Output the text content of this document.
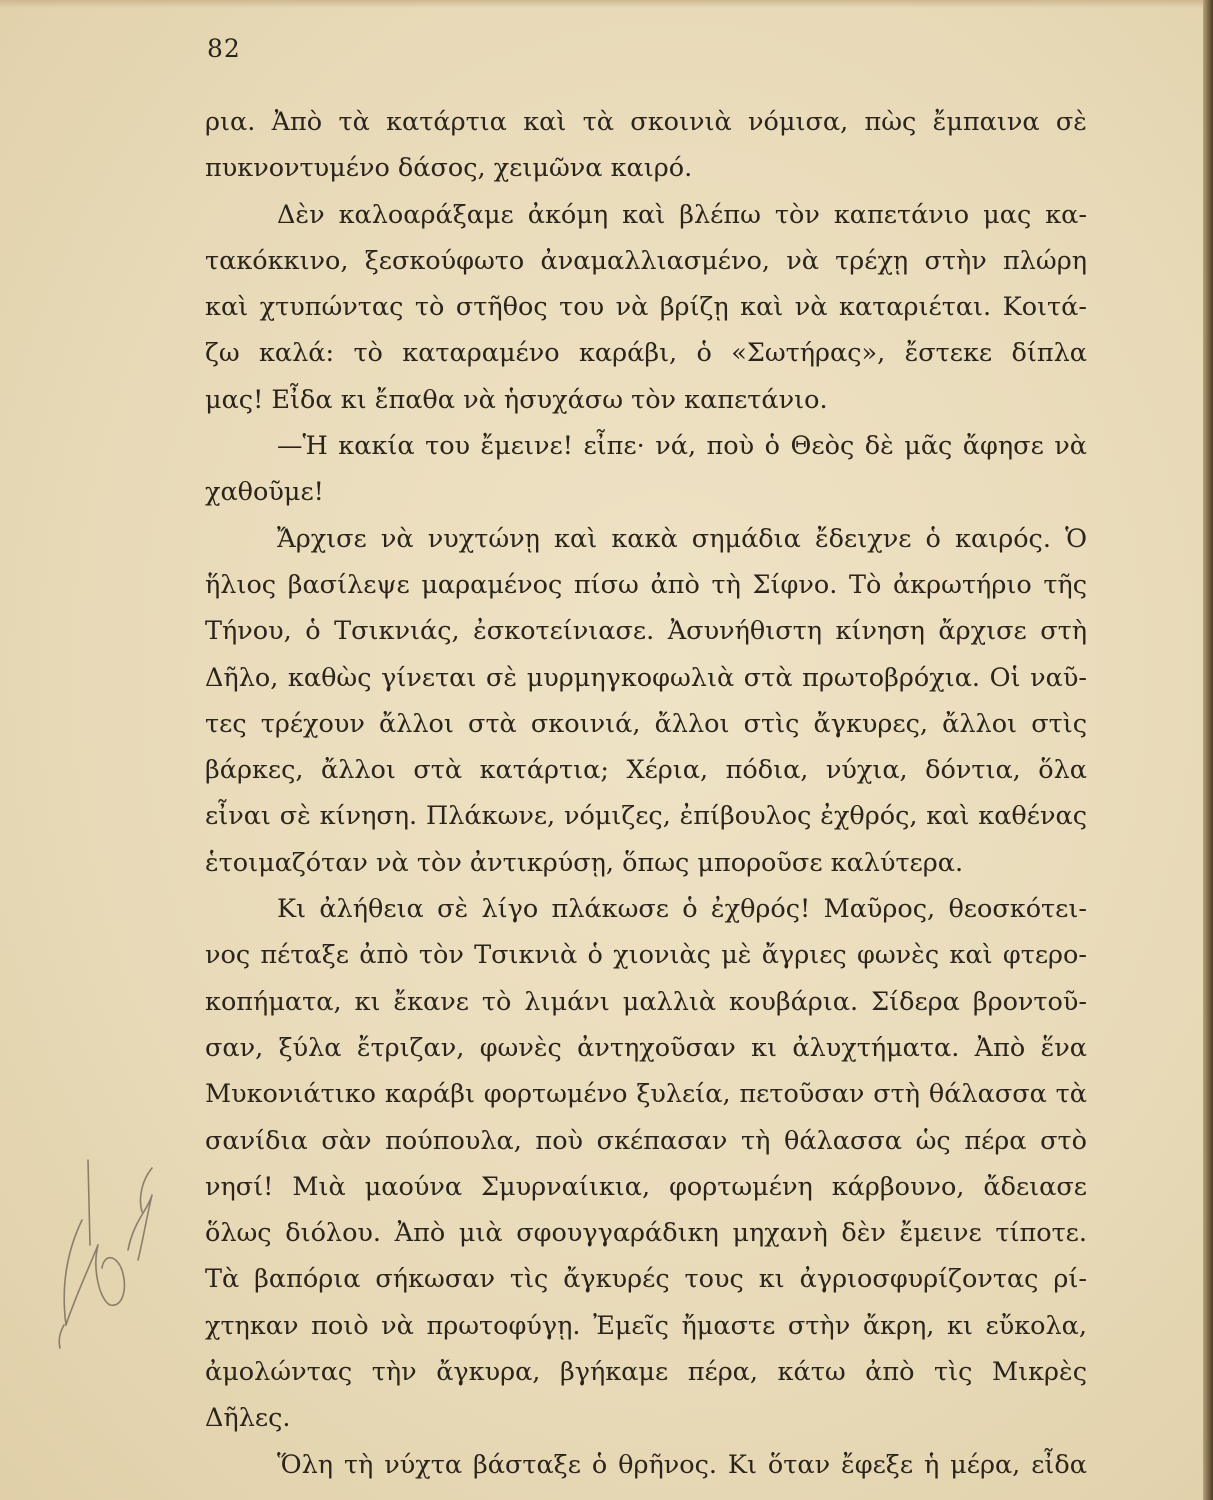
82
ρια. Ἀπὸ τὰ κατάρτια καὶ τὰ σκοινιὰ νόμισα, πὼς ἔμπαινα σὲ
πυκνοντυμένο δάσος, χειμῶνα καιρό.
Δὲν καλοαράξαμε ἀκόμη καὶ βλέπω τὸν καπετάνιο μας κα-
τακόκκινο, ξεσκούφωτο ἀναμαλλιασμένο, νὰ τρέχῃ στὴν πλώρη
καὶ χτυπώντας τὸ στῆθος του νὰ βρίζῃ καὶ νὰ καταριέται. Κοιτά-
ζω καλά: τὸ καταραμένο καράβι, ὁ «Σωτήρας», ἔστεκε δίπλα
μας! Εἶδα κι ἔπαθα νὰ ἡσυχάσω τὸν καπετάνιο.
—Ἡ κακία του ἔμεινε! εἶπε· νά, ποὺ ὁ Θεὸς δὲ μᾶς ἄφησε νὰ
χαθοῦμε!
Ἄρχισε νὰ νυχτώνῃ καὶ κακὰ σημάδια ἔδειχνε ὁ καιρός. Ὁ
ἥλιος βασίλεψε μαραμένος πίσω ἀπὸ τὴ Σίφνο. Τὸ ἀκρωτήριο τῆς
Τήνου, ὁ Τσικνιάς, ἐσκοτείνιασε. Ἀσυνήθιστη κίνηση ἄρχισε στὴ
Δῆλο, καθὼς γίνεται σὲ μυρμηγκοφωλιὰ στὰ πρωτοβρόχια. Οἱ ναῦ-
τες τρέχουν ἄλλοι στὰ σκοινιά, ἄλλοι στὶς ἄγκυρες, ἄλλοι στὶς
βάρκες, ἄλλοι στὰ κατάρτια; Χέρια, πόδια, νύχια, δόντια, ὅλα
εἶναι σὲ κίνηση. Πλάκωνε, νόμιζες, ἐπίβουλος ἐχθρός, καὶ καθένας
ἑτοιμαζόταν νὰ τὸν ἀντικρύσῃ, ὅπως μποροῦσε καλύτερα.
Κι ἀλήθεια σὲ λίγο πλάκωσε ὁ ἐχθρός! Μαῦρος, θεοσκότει-
νος πέταξε ἀπὸ τὸν Τσικνιὰ ὁ χιονιὰς μὲ ἄγριες φωνὲς καὶ φτερο-
κοπήματα, κι ἔκανε τὸ λιμάνι μαλλιὰ κουβάρια. Σίδερα βροντοῦ-
σαν, ξύλα ἔτριζαν, φωνὲς ἀντηχοῦσαν κι ἀλυχτήματα. Ἀπὸ ἕνα
Μυκονιάτικο καράβι φορτωμένο ξυλεία, πετοῦσαν στὴ θάλασσα τὰ
σανίδια σὰν πούπουλα, ποὺ σκέπασαν τὴ θάλασσα ὡς πέρα στὸ
νησί! Μιὰ μαούνα Σμυρναίικια, φορτωμένη κάρβουνο, ἄδειασε
ὅλως διόλου. Ἀπὸ μιὰ σφουγγαράδικη μηχανὴ δὲν ἔμεινε τίποτε.
Τὰ βαπόρια σήκωσαν τὶς ἄγκυρές τους κι ἀγριοσφυρίζοντας ρί-
χτηκαν ποιὸ νὰ πρωτοφύγῃ. Ἐμεῖς ἤμαστε στὴν ἄκρη, κι εὔκολα,
ἀμολώντας τὴν ἄγκυρα, βγήκαμε πέρα, κάτω ἀπὸ τὶς Μικρὲς
Δῆλες.
Ὅλη τὴ νύχτα βάσταξε ὁ θρῆνος. Κι ὅταν ἔφεξε ἡ μέρα, εἶδα
